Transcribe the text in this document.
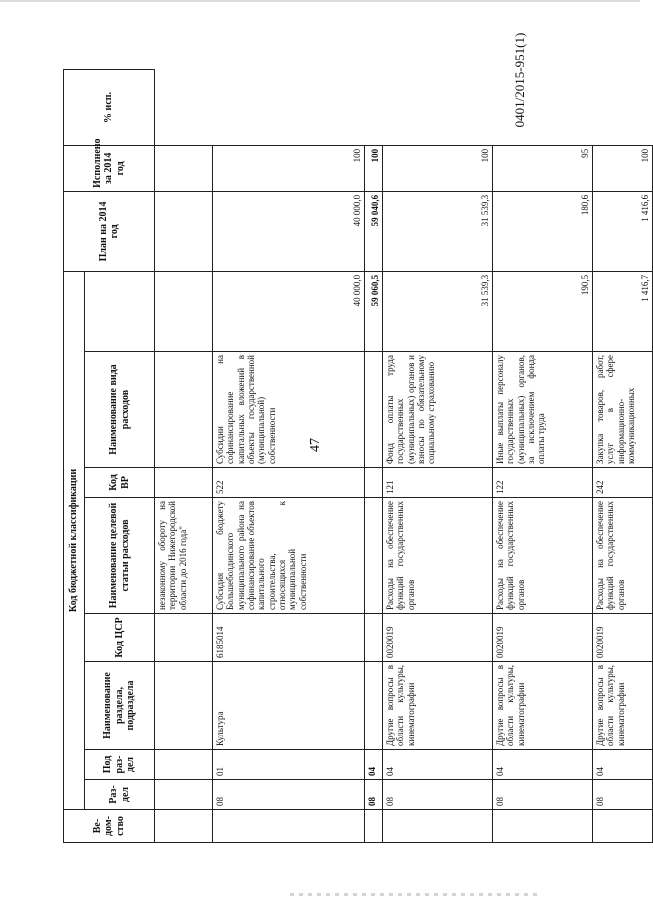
47
0401/2015-951(1)
Ве-дом-ство	Код бюджетной классификации								План на 2014 год	Исполнено за 2014 год	% исп.
	Раз-дел	Под раз-дел	Наименование раздела, подраздела	Код ЦСР	Наименование целевой статьи расходов	Код ВР	Наименование вида расходов				
					незаконному обороту на территории Нижегородской области до 2016 года"						
	08	01	Культура	6185014	Субсидия бюджету Большеболдинского муниципального района на софинансирование объектов капитального строительства, относящихся к муниципальной собственности	522	Субсидии на софинансирование капитальных вложений в объекты государственной (муниципальной) собственности	40 000,0	40 000,0	100	
	08	04						59 060,5	59 040,6	100	
	08	04	Другие вопросы в области культуры, кинематографии	0020019	Расходы на обеспечение функций государственных органов	121	Фонд оплаты труда государственных (муниципальных) органов и взносы по обязательному социальному страхованию	31 539,3	31 539,3	100	
	08	04	Другие вопросы в области культуры, кинематографии	0020019	Расходы на обеспечение функций государственных органов	122	Иные выплаты персоналу государственных (муниципальных) органов, за исключением фонда оплаты труда	190,5	180,6	95	
	08	04	Другие вопросы в области культуры, кинематографии	0020019	Расходы на обеспечение функций государственных органов	242	Закупка товаров, работ, услуг в сфере информационно-коммуникационных	1 416,7	1 416,6	100	
